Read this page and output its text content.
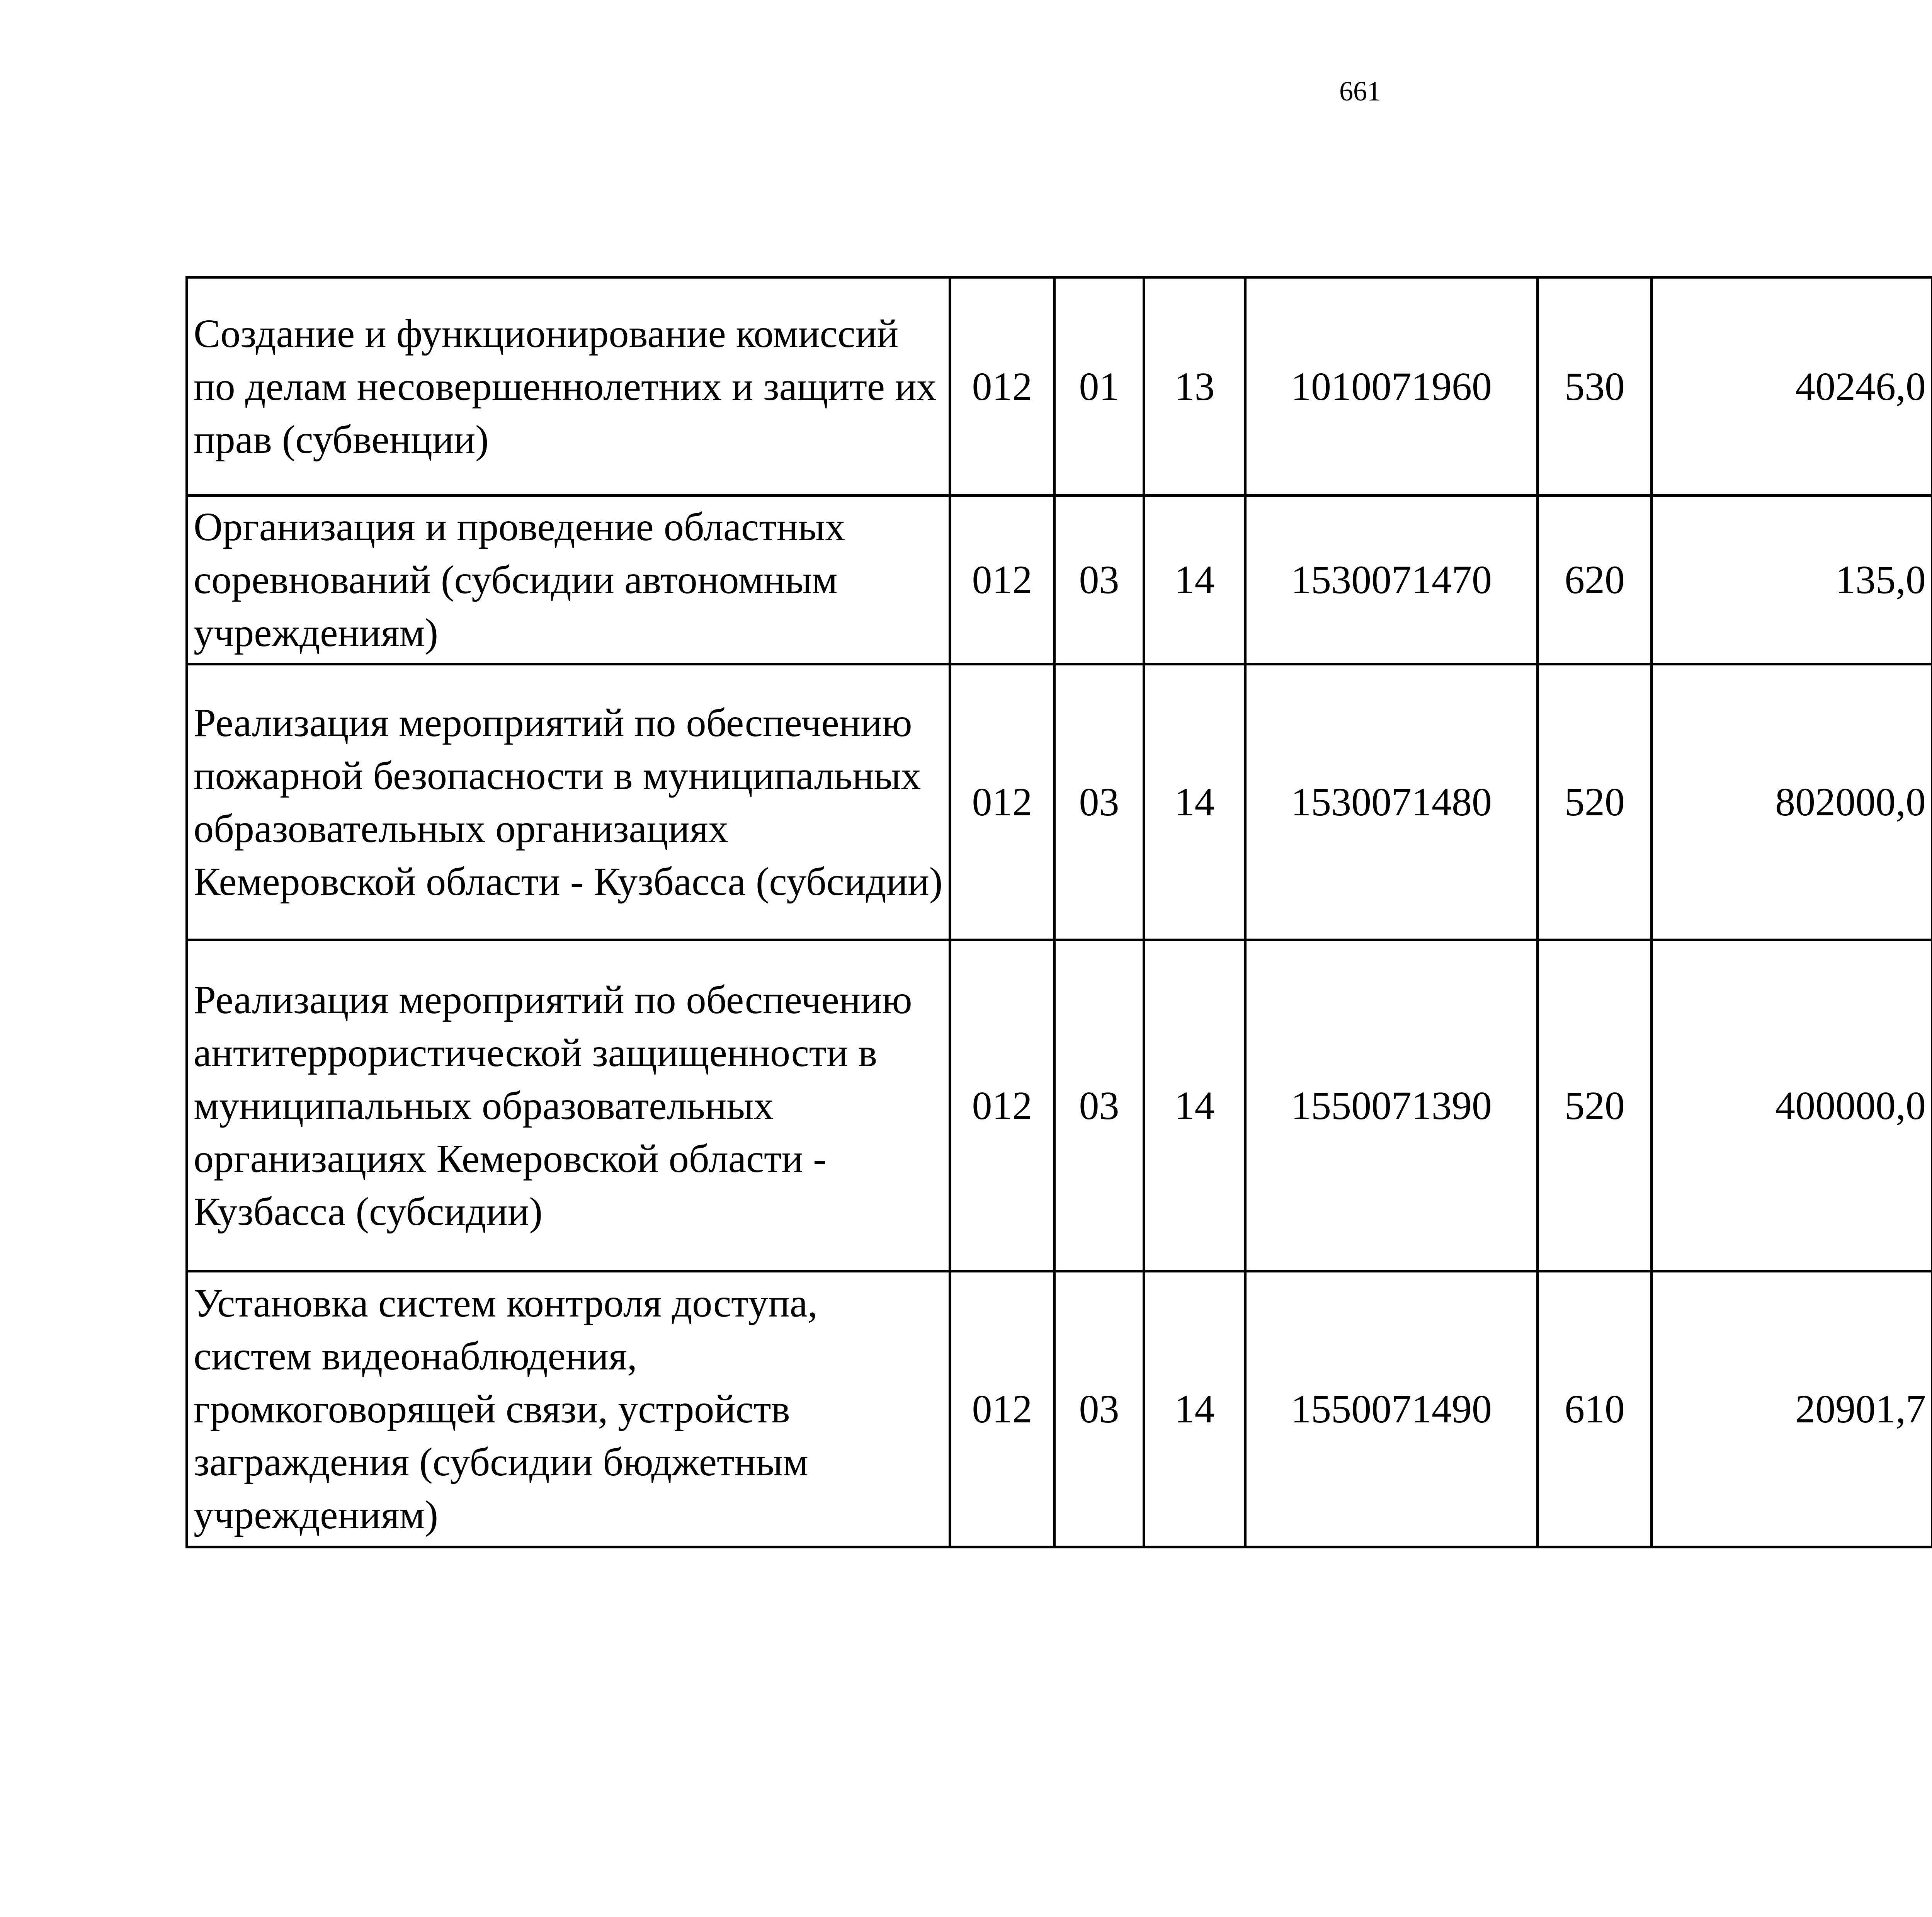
661
Создание и функционирование комиссий по делам несовершеннолетних и защите их прав (субвенции)	012	01	13	1010071960	530	40246,0		
Организация и проведение областных соревнований (субсидии автономным учреждениям)	012	03	14	1530071470	620	135,0		
Реализация мероприятий по обеспечению пожарной безопасности в муниципальных образовательных организациях Кемеровской области - Кузбасса (субсидии)	012	03	14	1530071480	520	802000,0		
Реализация мероприятий по обеспечению антитеррористической защищенности в муниципальных образовательных организациях Кемеровской области - Кузбасса (субсидии)	012	03	14	1550071390	520	400000,0		
Установка систем контроля доступа, систем видеонаблюдения, громкоговорящей связи, устройств заграждения (субсидии бюджетным учреждениям)	012	03	14	1550071490	610	20901,7		
